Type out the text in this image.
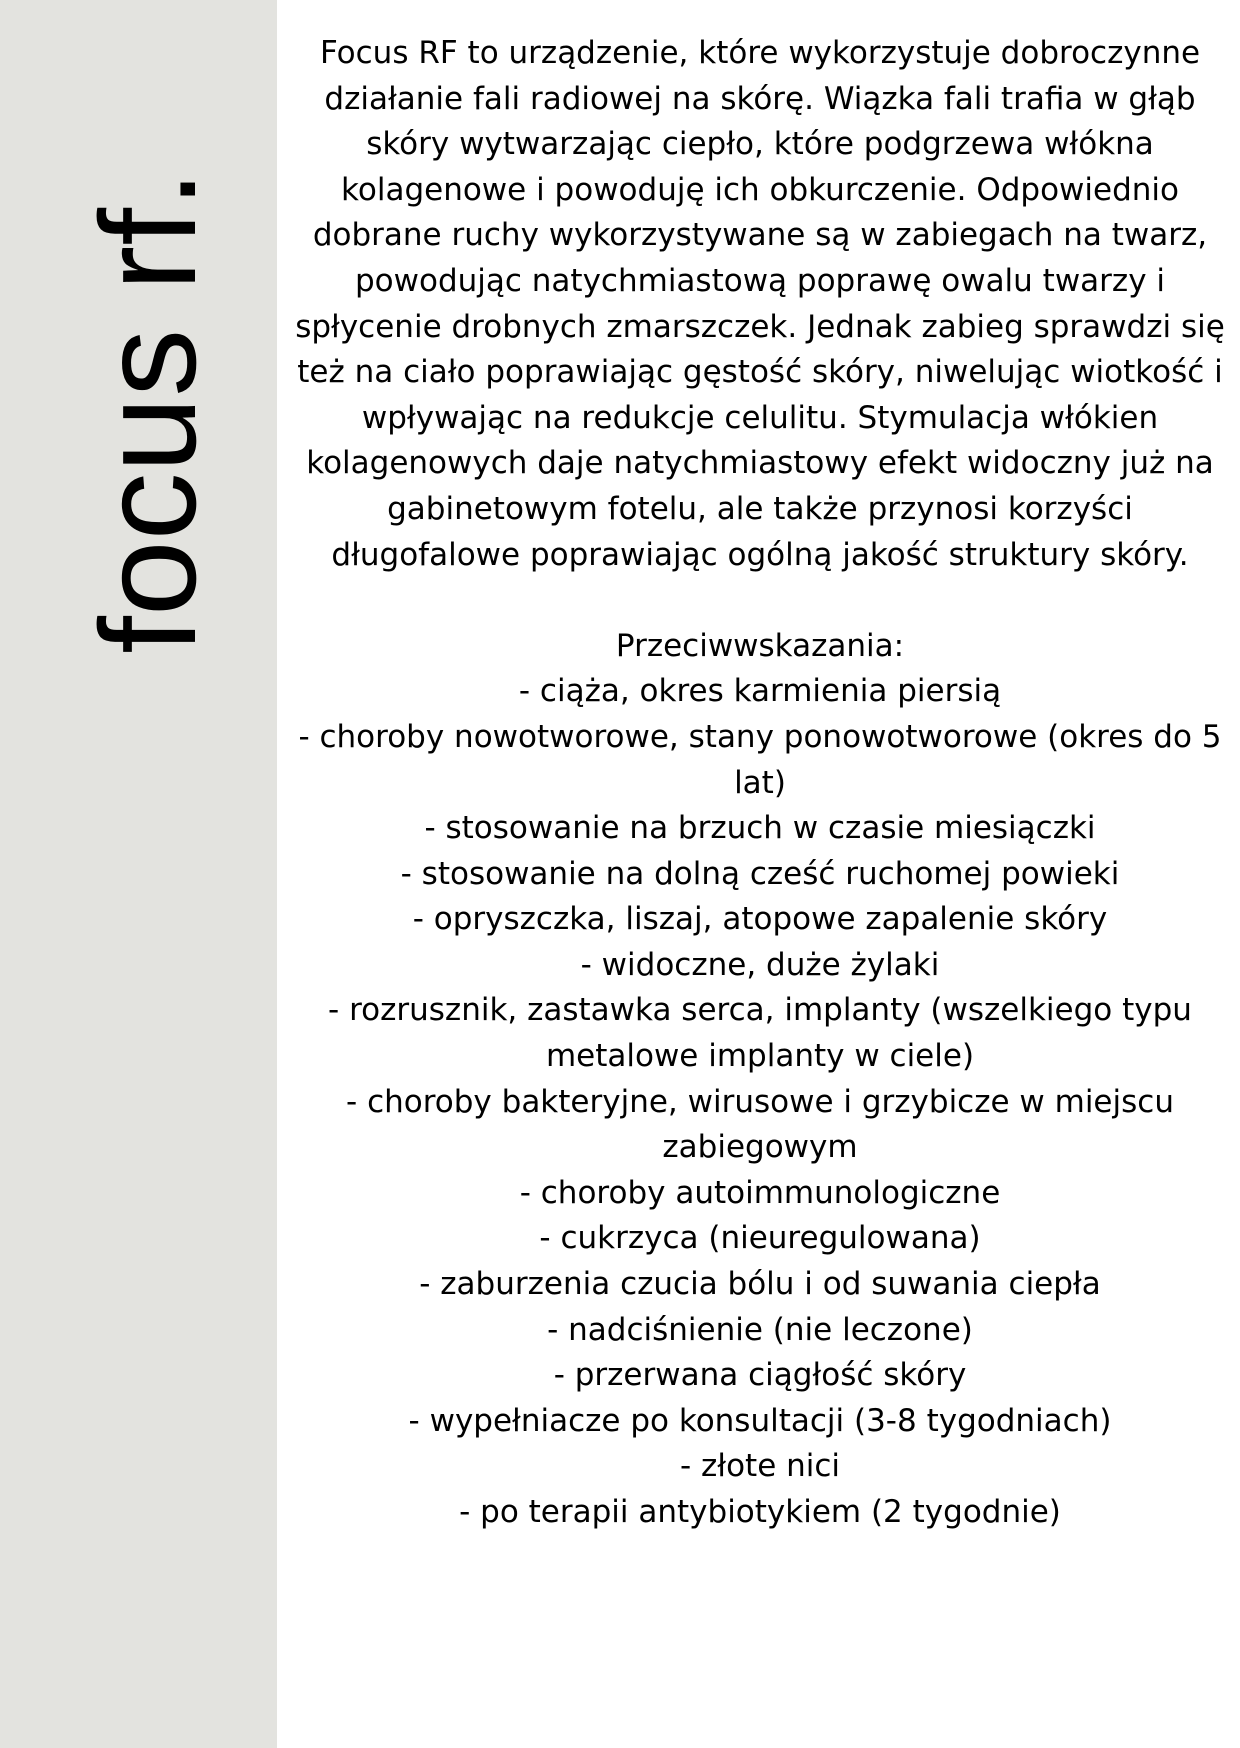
focus rf.

Focus RF to urządzenie, które wykorzystuje dobroczynne działanie fali radiowej na skórę. Wiązka fali trafia w głąb skóry wytwarzając ciepło, które podgrzewa włókna kolagenowe i powoduję ich obkurczenie. Odpowiednio dobrane ruchy wykorzystywane są w zabiegach na twarz, powodując natychmiastową poprawę owalu twarzy i spłycenie drobnych zmarszczek. Jednak zabieg sprawdzi się też na ciało poprawiając gęstość skóry, niwelując wiotkość i wpływając na redukcje celulitu. Stymulacja włókien kolagenowych daje natychmiastowy efekt widoczny już na gabinetowym fotelu, ale także przynosi korzyści długofalowe poprawiając ogólną jakość struktury skóry.

Przeciwwskazania:

- ciąża, okres karmienia piersią
- choroby nowotworowe, stany ponowotworowe (okres do 5 lat)
- stosowanie na brzuch w czasie miesiączki
- stosowanie na dolną cześć ruchomej powieki
- opryszczka, liszaj, atopowe zapalenie skóry
- widoczne, duże żylaki
- rozrusznik, zastawka serca, implanty (wszelkiego typu metalowe implanty w ciele)
- choroby bakteryjne, wirusowe i grzybicze w miejscu zabiegowym
- choroby autoimmunologiczne
- cukrzyca (nieuregulowana)
- zaburzenia czucia bólu i od suwania ciepła
- nadciśnienie (nie leczone)
- przerwana ciągłość skóry
- wypełniacze po konsultacji (3-8 tygodniach)
- złote nici
- po terapii antybiotykiem (2 tygodnie)
